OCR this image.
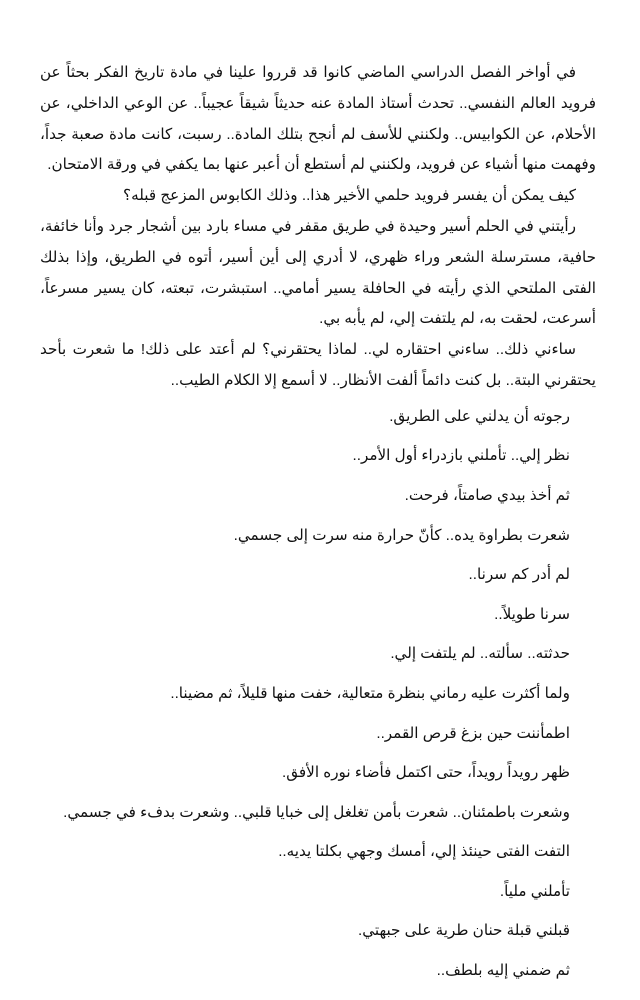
في أواخر الفصل الدراسي الماضي كانوا قد قرروا علينا في مادة تاريخ الفكر بحثاً عن فرويد العالم النفسي.. تحدث أستاذ المادة عنه حديثاً شيقاً عجيباً.. عن الوعي الداخلي، عن الأحلام، عن الكوابيس.. ولكنني للأسف لم أنجح بتلك المادة.. رسبت، كانت مادة صعبة جداً، وفهمت منها أشياء عن فرويد، ولكنني لم أستطع أن أعبر عنها بما يكفي في ورقة الامتحان.

كيف يمكن أن يفسر فرويد حلمي الأخير هذا.. وذلك الكابوس المزعج قبله؟

رأيتني في الحلم أسير وحيدة في طريق مقفر في مساء بارد بين أشجار جرد وأنا خائفة، حافية، مسترسلة الشعر وراء ظهري، لا أدري إلى أين أسير، أتوه في الطريق، وإذا بذلك الفتى الملتحي الذي رأيته في الحافلة يسير أمامي.. استبشرت، تبعته، كان يسير مسرعاً، أسرعت، لحقت به، لم يلتفت إلي، لم يأبه بي.

ساءني ذلك.. ساءني احتقاره لي.. لماذا يحتقرني؟ لم أعتد على ذلك! ما شعرت بأحد يحتقرني البتة.. بل كنت دائماً ألفت الأنظار.. لا أسمع إلا الكلام الطيب..

رجوته أن يدلني على الطريق.

نظر إلي.. تأملني بازدراء أول الأمر..

ثم أخذ بيدي صامتاً، فرحت.

شعرت بطراوة يده.. كأنّ حرارة منه سرت إلى جسمي.

لم أدر كم سرنا..

سرنا طويلاً..

حدثته.. سألته.. لم يلتفت إلي.

ولما أكثرت عليه رماني بنظرة متعالية، خفت منها قليلاً، ثم مضينا..

اطمأننت حين بزغ قرص القمر..

ظهر رويداً رويداً، حتى اكتمل فأضاء نوره الأفق.

وشعرت باطمئنان.. شعرت بأمن تغلغل إلى خبايا قلبي.. وشعرت بدفء في جسمي.

التفت الفتى حينئذ إلي، أمسك وجهي بكلتا يديه..

تأملني ملياً.

قبلني قبلة حنان طرية على جبهتي.

ثم ضمني إليه بلطف..
